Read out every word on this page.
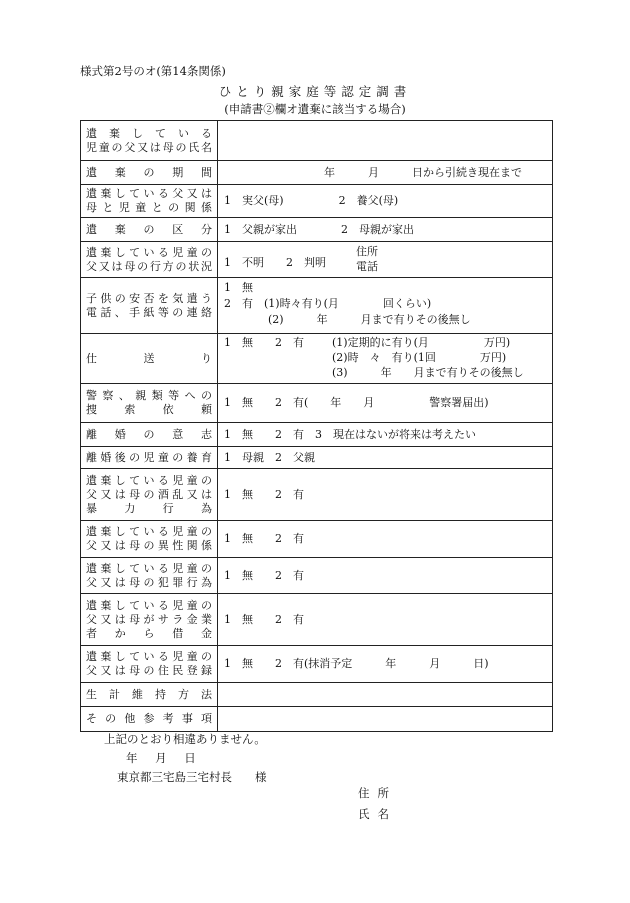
様式第2号のオ(第14条関係)
ひとり親家庭等認定調書
(申請書②欄オ遺棄に該当する場合)
遺棄している
児童の父又は母の氏名	

遺棄の期間	年　　　月　　　日から引続き現在まで

遺棄している父又は
母と児童との関係	1　実父(母)　　　　　2　養父(母)

遺棄の区分	1　父親が家出　　　　2　母親が家出

遺棄している児童の
父又は母の行方の状況	1　不明　　2　判明
住所
電話

子供の安否を気遣う
電話、手紙等の連絡	1　無
2　有　(1)時々有り(月　　　　回くらい)
(2)　　　年　　　月まで有りその後無し

仕送り	1　無　　2　有 (1)定期的に有り(月　　　　　万円)
(2)時　々　有り(1回　　　　万円)
(3)　　　年　　月まで有りその後無し

警察、親類等への
捜索依頼	1　無　　2　有(　　年　　月　　　　　警察署届出)

離婚の意志	1　無　　2　有　3　現在はないが将来は考えたい

離婚後の児童の養育	1　母親　2　父親

遺棄している児童の
父又は母の酒乱又は
暴力行為	1　無　　2　有

遺棄している児童の
父又は母の異性関係	1　無　　2　有

遺棄している児童の
父又は母の犯罪行為	1　無　　2　有

遺棄している児童の
父又は母がサラ金業
者から借金	1　無　　2　有

遺棄している児童の
父又は母の住民登録	1　無　　2　有(抹消予定　　　年　　　月　　　日)

生計維持方法	

その他参考事項	

上記のとおり相違ありません。
年 月 日
東京都三宅島三宅村長　　様
住所
氏名
